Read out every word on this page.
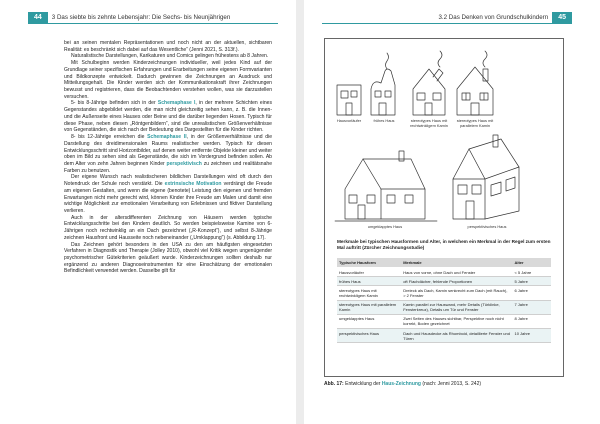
44	3 Das siebte bis zehnte Lebensjahr: Die Sechs- bis Neunjährigen

bei an seinen mentalen Repräsentationen und noch nicht an der aktuellen, sichtbaren Realität: es beschränkt sich dabei auf das Wesentliche“ (Jenni 2021, S. 313f.).

Naturalistische Darstellungen, Karikaturen und Comics gelingen frühestens ab 8 Jahren.

Mit Schulbeginn werden Kinderzeichnungen individueller, weil jedes Kind auf der Grundlage seiner spezifischen Erfahrungen und Erarbeitungen seine eigenen Formvarianten und Bildkonzepte entwickelt. Dadurch gewinnen die Zeichnungen an Ausdruck und Mitteilungsgehalt. Die Kinder werden sich der Kommunikationskraft ihrer Zeichnungen bewusst und registrieren, dass die Beobachtenden verstehen wollen, was sie darzustellen versuchen.

5- bis 8-Jährige befinden sich in der Schemaphase I, in der mehrere Schichten eines Gegenstandes abgebildet werden, die man nicht gleichzeitig sehen kann, z. B. die Innen- und die Außenseite eines Hauses oder Beine und die darüber liegenden Hosen. Typisch für diese Phase, neben diesen „Röntgenbildern“, sind die unrealistischen Größenverhältnisse von Gegenständen, die sich nach der Bedeutung des Dargestellten für die Kinder richten.

8- bis 12-Jährige erreichen die Schemaphase II, in der Größenverhältnisse und die Darstellung des dreidimensionalen Raums realistischer werden. Typisch für diesen Entwicklungsschritt sind Horizontbilder, auf denen weiter entfernte Objekte kleiner und weiter oben im Bild zu sehen sind als Gegenstände, die sich im Vordergrund befinden sollen. Ab dem Alter von zehn Jahren beginnen Kinder perspektivisch zu zeichnen und realitätsnahe Farben zu benutzen.

Der eigene Wunsch nach realistischeren bildlichen Darstellungen wird oft durch den Notendruck der Schule noch verstärkt. Die extrinsische Motivation verdrängt die Freude am eigenen Gestalten, und wenn die eigene (benotete) Leistung den eigenen und fremden Erwartungen nicht mehr gerecht wird, können Kinder ihre Freude am Malen und damit eine wichtige Möglichkeit zur emotionalen Verarbeitung von Erlebnissen und fiktiver Darstellung verlieren.

Auch in der altersdifferenten Zeichnung von Häusern werden typische Entwicklungsschritte bei den Kindern deutlich. So werden beispielsweise Kamine von 6-Jährigen noch rechtwinklig an ein Dach gezeichnet („R-Konzept“), und selbst 8-Jährige zeichnen Hausfront und Hausseite noch nebeneinander („Umklappung“) (s. Abbildung 17).

Das Zeichnen gehört besonders in den USA zu den am häufigsten eingesetzten Verfahren in Diagnostik und Therapie (Jolley 2010), obwohl viel Kritik wegen ungenügender psychometrischer Gütekriterien geäußert wurde. Kinderzeichnungen sollten deshalb nur ergänzend zu anderen Diagnoseinstrumenten für eine Einschätzung der emotionalen Befindlichkeit verwendet werden. Dasselbe gilt für

3.2 Das Denken von Grundschulkindern	45
Hausvorläufer	frühes Haus	stereotypes Haus mit rechtwinkligem Kamin
stereotypes Haus mit parallelem Kamin
umgeklapptes Haus	perspektivisches Haus
Merkmale bei typischen Hausformen und Alter, in welchem ein Merkmal in der Regel zum ersten Mal auftritt (Zürcher Zeichnungsstudie)
Typische Hausform	Merkmale	Alter
Hausvorläufer	Haus von vorne, ohne Dach und Fenster	< 5 Jahre
frühes Haus	oft Flachdächer, fehlende Proportionen	5 Jahre
stereotypes Haus mit rechtwinkligem Kamin	Dreieck als Dach, Kamin senkrecht zum Dach (mit Rauch), > 2 Fenster	6 Jahre
stereotypes Haus mit parallelem Kamin	Kamin parallel zur Hauswand, mehr Details (Türklinke, Fensterkreuz), Details um Tür und Fenster	7 Jahre
umgeklapptes Haus	Zwei Seiten des Hauses sichtbar, Perspektive noch nicht korrekt, Boden gezeichnet	8 Jahre
perspektivisches Haus	Dach und Hausdecke als Rhomboid, detaillierte Fenster und Türen	10 Jahre
Abb. 17: Entwicklung der Haus-Zeichnung (nach: Jenni 2013, S. 242)
